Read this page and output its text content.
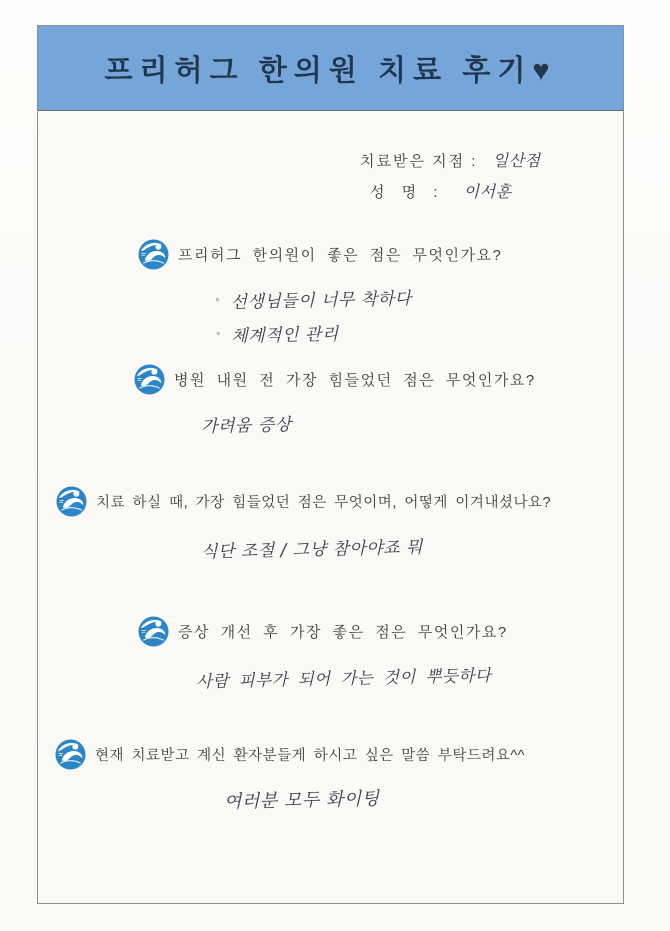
프리허그 한의원 치료 후기♥
치료받은 지점 : 일산점
성 명 : 이서훈
프리허그 한의원이 좋은 점은 무엇인가요?
◦ 선생님들이 너무 착하다
◦ 체계적인 관리
병원 내원 전 가장 힘들었던 점은 무엇인가요?
가려움 증상
치료 하실 때, 가장 힘들었던 점은 무엇이며, 어떻게 이겨내셨나요?
식단 조절 / 그냥 참아야죠 뭐
증상 개선 후 가장 좋은 점은 무엇인가요?
사람 피부가 되어 가는 것이 뿌듯하다
현재 치료받고 계신 환자분들게 하시고 싶은 말씀 부탁드려요^^
여러분 모두 화이팅
